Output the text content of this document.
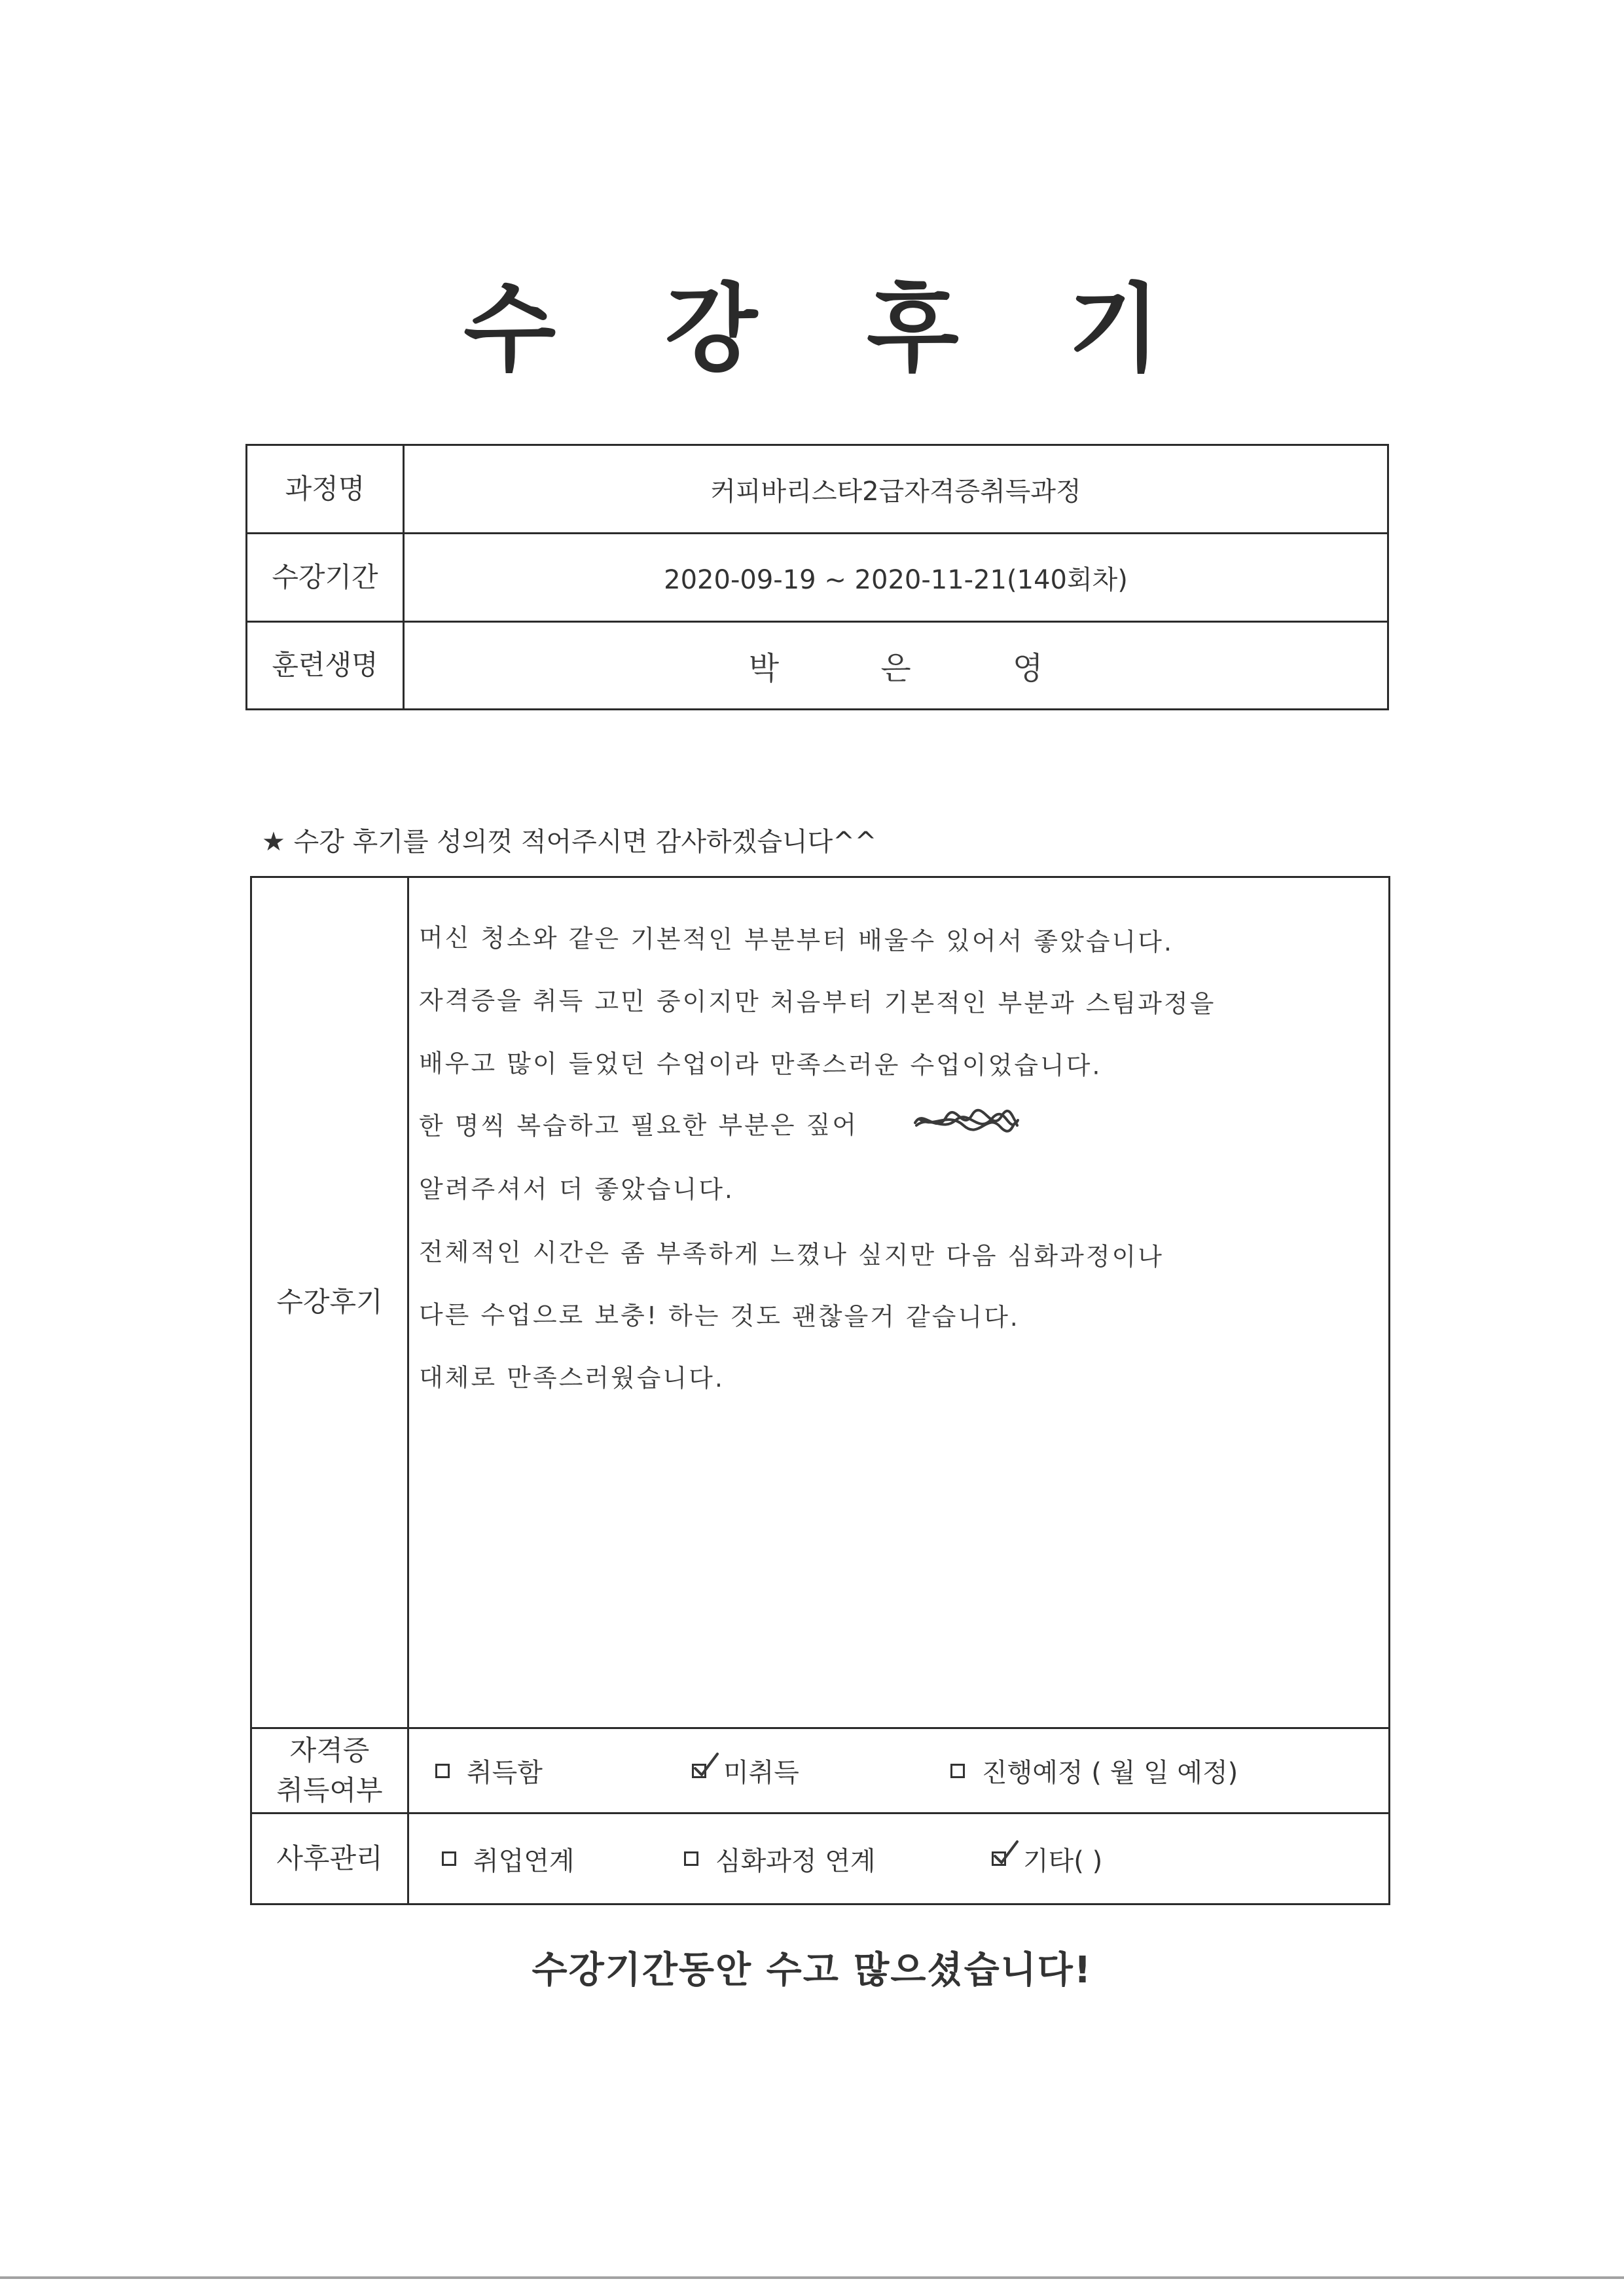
수 강 후 기
과정명	커피바리스타2급자격증취득과정
수강기간	2020-09-19 ~ 2020-11-21(140회차)
훈련생명	박 은 영
★ 수강 후기를 성의껏 적어주시면 감사하겠습니다^^
수강후기
머신 청소와 같은 기본적인 부분부터 배울수 있어서 좋았습니다.
자격증을 취득 고민 중이지만 처음부터 기본적인 부분과 스팀과정을
배우고 많이 들었던 수업이라 만족스러운 수업이었습니다.
한 명씩 복습하고 필요한 부분은 짚어
알려주셔서 더 좋았습니다.
전체적인 시간은 좀 부족하게 느꼈나 싶지만 다음 심화과정이나
다른 수업으로 보충! 하는 것도 괜찮을거 같습니다.
대체로 만족스러웠습니다.
자격증
취득여부
취득함	미취득	진행예정 ( 월 일 예정)
사후관리	취업연계	심화과정 연계	기타( )
수강기간동안 수고 많으셨습니다!
